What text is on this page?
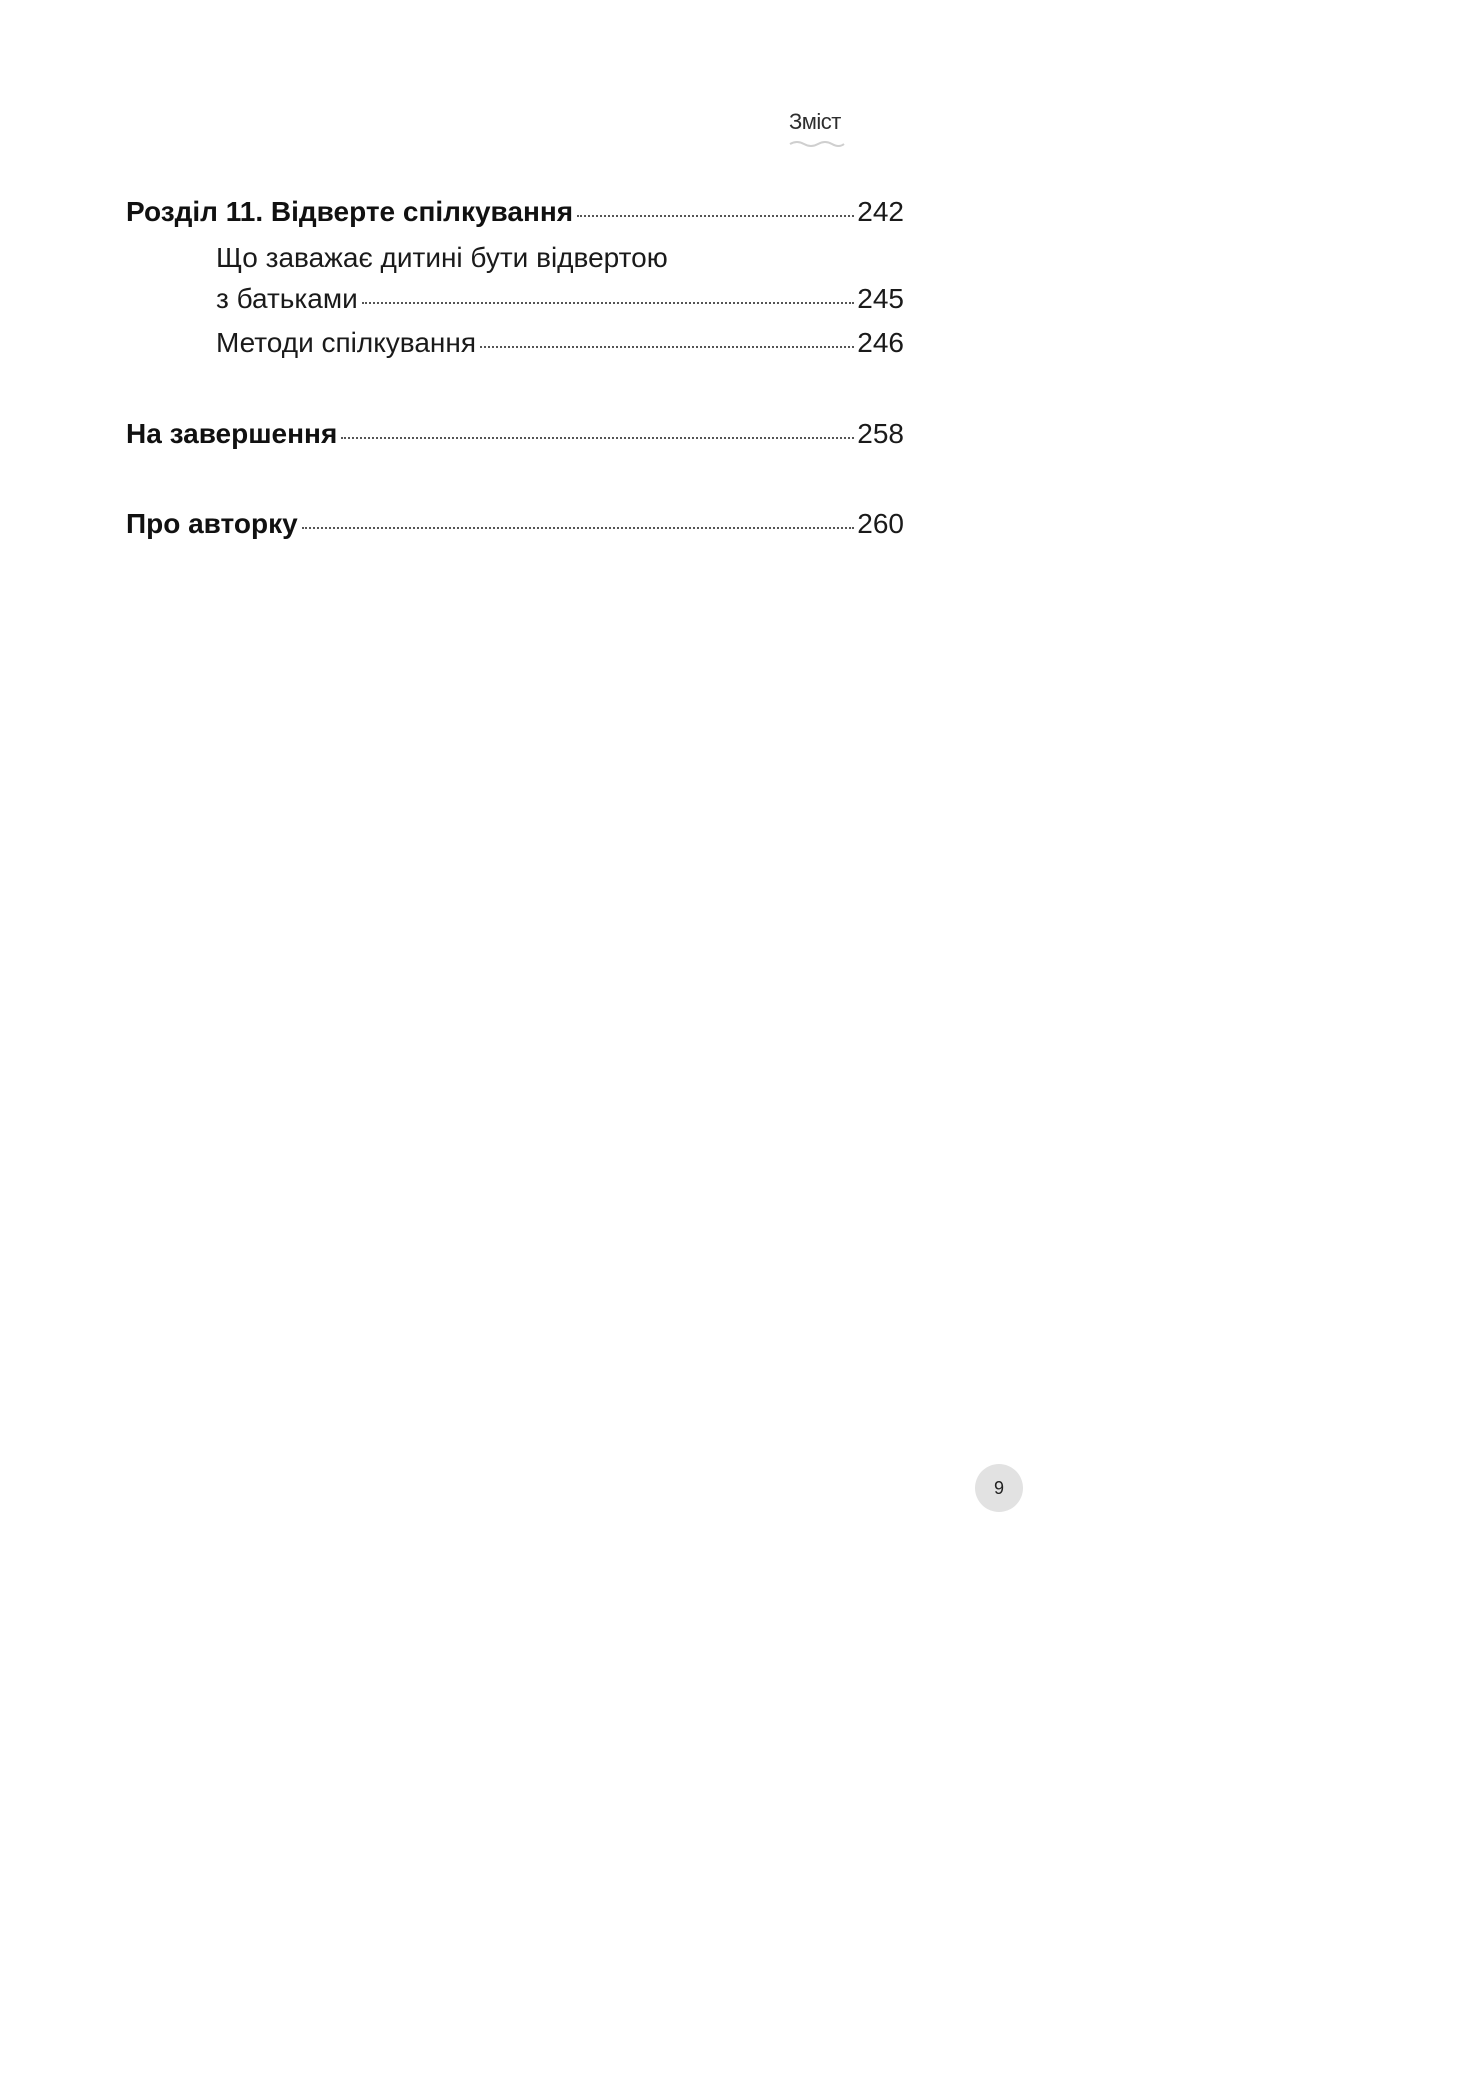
Зміст
Розділ 11. Відверте спілкування	242
Що заважає дитині бути відвертою
з батьками	245
Методи спілкування	246
На завершення	258
Про авторку	260
9
